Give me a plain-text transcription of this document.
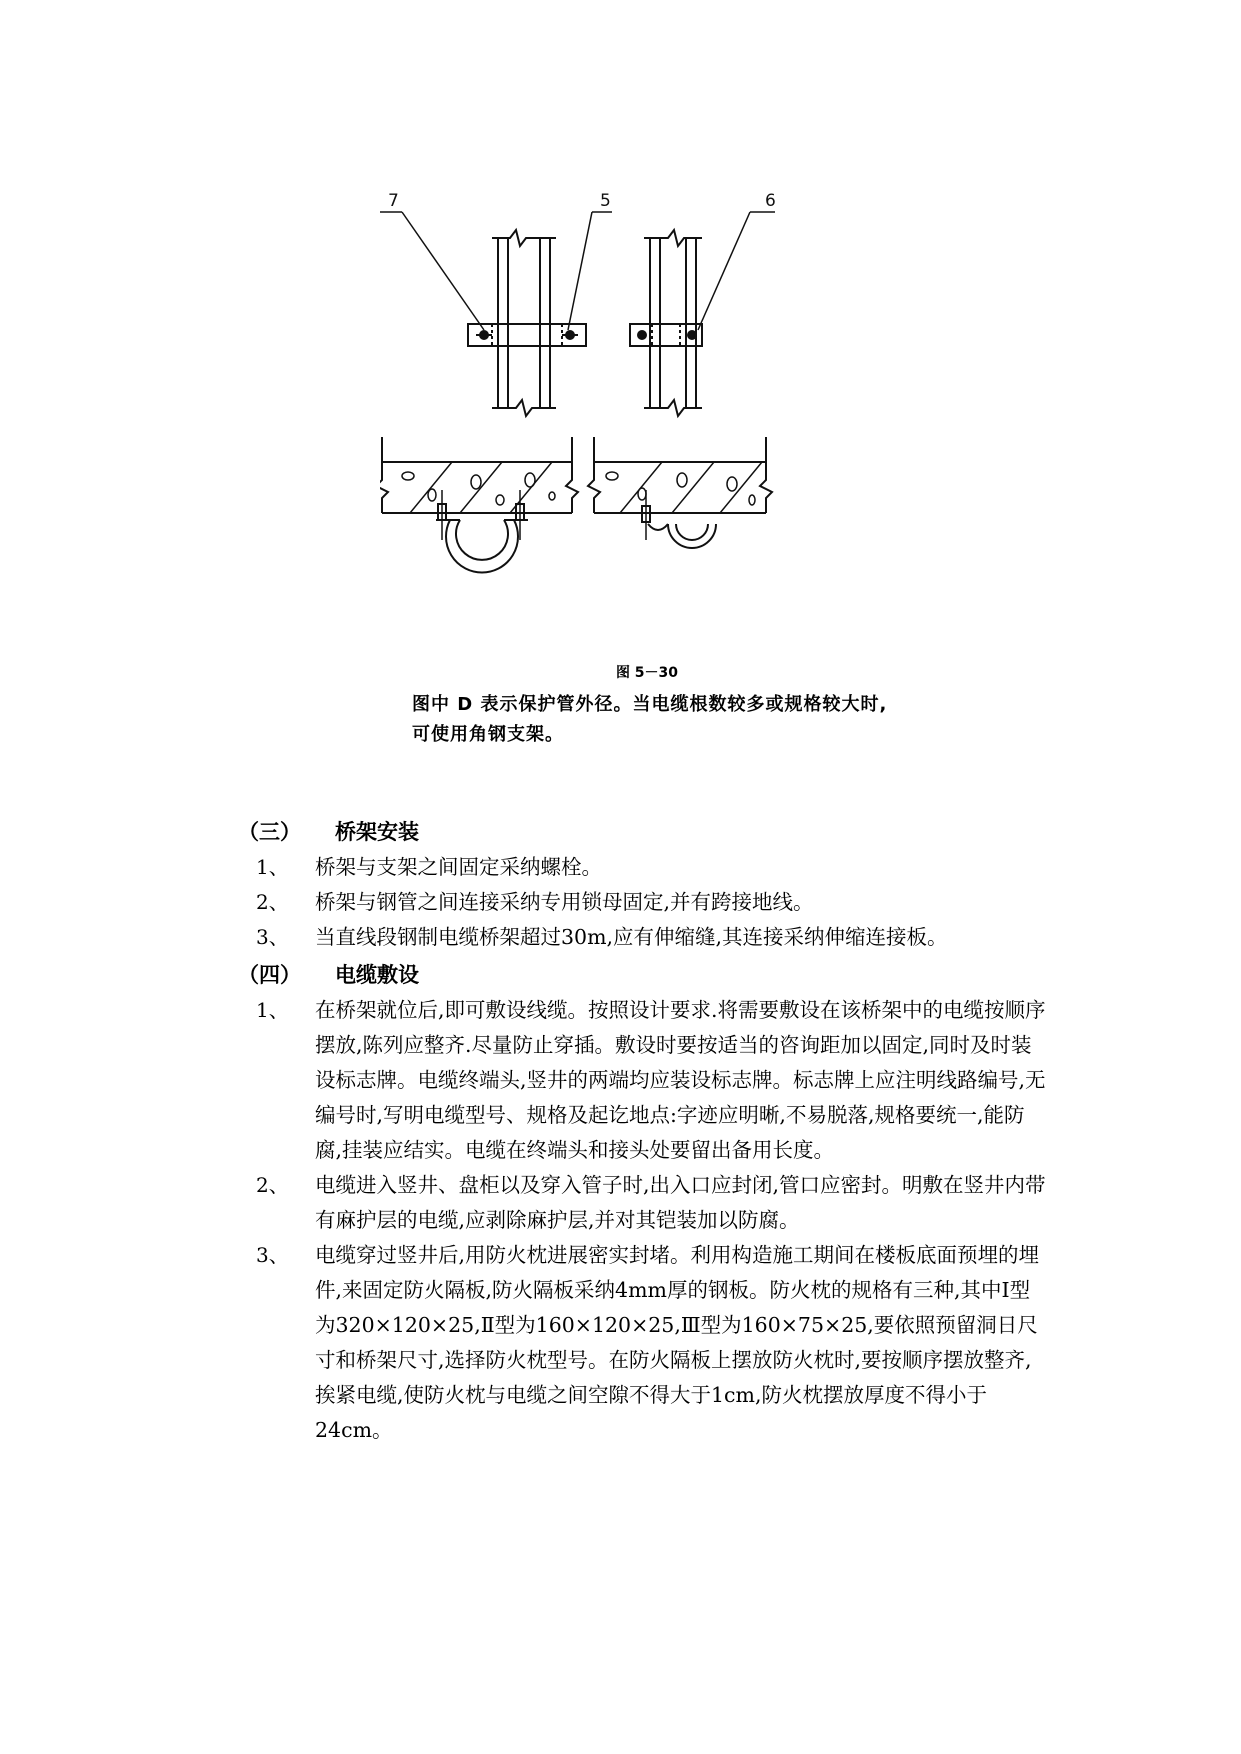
7	5	6
图 5－30
图中 D 表示保护管外径。当电缆根数较多或规格较大时,可使用角钢支架。
（三） 桥架安装
1、 桥架与支架之间固定采纳螺栓。
2、 桥架与钢管之间连接采纳专用锁母固定,并有跨接地线。
3、 当直线段钢制电缆桥架超过30m,应有伸缩缝,其连接采纳伸缩连接板。
（四） 电缆敷设
1、 在桥架就位后,即可敷设线缆。按照设计要求.将需要敷设在该桥架中的电缆按顺序摆放,陈列应整齐.尽量防止穿插。敷设时要按适当的咨询距加以固定,同时及时装设标志牌。电缆终端头,竖井的两端均应装设标志牌。标志牌上应注明线路编号,无编号时,写明电缆型号、规格及起讫地点:字迹应明晰,不易脱落,规格要统一,能防腐,挂装应结实。电缆在终端头和接头处要留出备用长度。
2、 电缆进入竖井、盘柜以及穿入管子时,出入口应封闭,管口应密封。明敷在竖井内带有麻护层的电缆,应剥除麻护层,并对其铠装加以防腐。
3、 电缆穿过竖井后,用防火枕进展密实封堵。利用构造施工期间在楼板底面预埋的埋件,来固定防火隔板,防火隔板采纳4mm厚的钢板。防火枕的规格有三种,其中I型为320×120×25,Ⅱ型为160×120×25,Ⅲ型为160×75×25,要依照预留洞日尺寸和桥架尺寸,选择防火枕型号。在防火隔板上摆放防火枕时,要按顺序摆放整齐,挨紧电缆,使防火枕与电缆之间空隙不得大于1cm,防火枕摆放厚度不得小于24cm。
